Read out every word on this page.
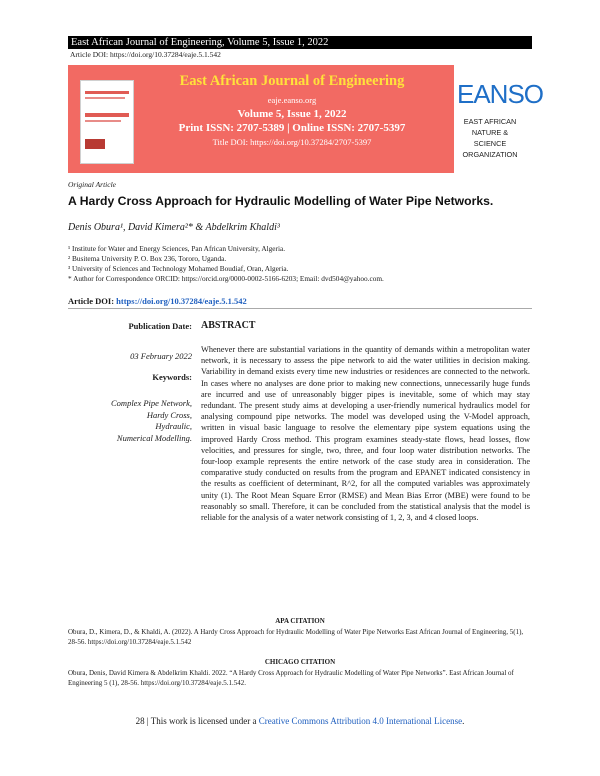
East African Journal of Engineering, Volume 5, Issue 1, 2022
Article DOI: https://doi.org/10.37284/eaje.5.1.542
East African Journal of Engineering
eaje.eanso.org
Volume 5, Issue 1, 2022
Print ISSN: 2707-5389 | Online ISSN: 2707-5397
Title DOI: https://doi.org/10.37284/2707-5397
EANSO
EAST AFRICAN
NATURE &
SCIENCE
ORGANIZATION
Original Article
A Hardy Cross Approach for Hydraulic Modelling of Water Pipe Networks.
Denis Obura¹, David Kimera²* & Abdelkrim Khaldi³
¹ Institute for Water and Energy Sciences, Pan African University, Algeria.
² Busitema University P. O. Box 236, Tororo, Uganda.
³ University of Sciences and Technology Mohamed Boudiaf, Oran, Algeria.
* Author for Correspondence ORCID: https://orcid.org/0000-0002-5166-6203; Email: dvd504@yahoo.com.
Article DOI: https://doi.org/10.37284/eaje.5.1.542
Publication Date:
03 February 2022
Keywords:
Complex Pipe Network,
Hardy Cross,
Hydraulic,
Numerical Modelling.
ABSTRACT
Whenever there are substantial variations in the quantity of demands within a metropolitan water network, it is necessary to assess the pipe network to aid the water utilities in decision making. Variability in demand exists every time new industries or residences are connected to the network. In cases where no analyses are done prior to making new connections, unnecessarily huge funds are incurred and use of unreasonably bigger pipes is inevitable, some of which may stay redundant. The present study aims at developing a user-friendly numerical hydraulics model for analysing compound pipe networks. The model was developed using the V-Model approach, written in visual basic language to resolve the elementary pipe system equations using the improved Hardy Cross method. This program examines steady-state flows, head losses, flow velocities, and pressures for single, two, three, and four loop water distribution networks. The four-loop example represents the entire network of the case study area in consideration. The comparative study conducted on results from the program and EPANET indicated consistency in the results as coefficient of determinant, R^2, for all the computed variables was approximately unity (1). The Root Mean Square Error (RMSE) and Mean Bias Error (MBE) were found to be reasonably so small. Therefore, it can be concluded from the statistical analysis that the model is reliable for the analysis of a water network consisting of 1, 2, 3, and 4 closed loops.
APA CITATION
Obura, D., Kimera, D., & Khaldi, A. (2022). A Hardy Cross Approach for Hydraulic Modelling of Water Pipe Networks East African Journal of Engineering, 5(1), 28-56. https://doi.org/10.37284/eaje.5.1.542
CHICAGO CITATION
Obura, Denis, David Kimera & Abdelkrim Khaldi. 2022. “A Hardy Cross Approach for Hydraulic Modelling of Water Pipe Networks”. East African Journal of Engineering 5 (1), 28-56. https://doi.org/10.37284/eaje.5.1.542.
28 | This work is licensed under a Creative Commons Attribution 4.0 International License.
